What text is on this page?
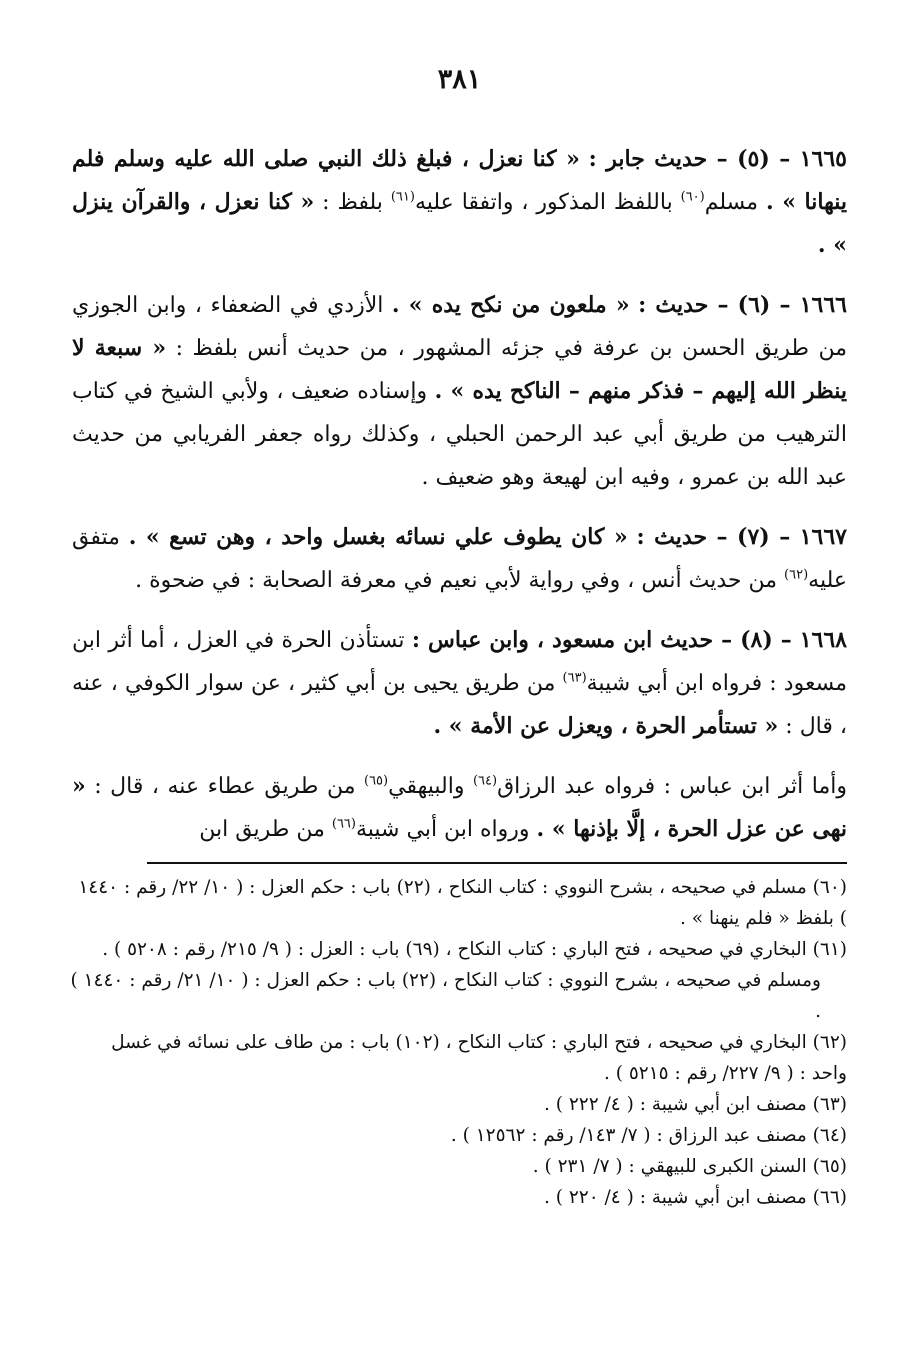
٣٨١

١٦٦٥ – (٥) – حديث جابر : « كنا نعزل ، فبلغ ذلك النبي صلى الله عليه وسلم فلم ينهانا » . مسلم$^{(٦٠)}$ باللفظ المذكور ، واتفقا عليه$^{(٦١)}$ بلفظ : « كنا نعزل ، والقرآن ينزل » .

١٦٦٦ – (٦) – حديث : « ملعون من نكح يده » . الأزدي في الضعفاء ، وابن الجوزي من طريق الحسن بن عرفة في جزئه المشهور ، من حديث أنس بلفظ : « سبعة لا ينظر الله إليهم – فذكر منهم – الناكح يده » . وإسناده ضعيف ، ولأبي الشيخ في كتاب الترهيب من طريق أبي عبد الرحمن الحبلي ، وكذلك رواه جعفر الفريابي من حديث عبد الله بن عمرو ، وفيه ابن لهيعة وهو ضعيف .

١٦٦٧ – (٧) – حديث : « كان يطوف علي نسائه بغسل واحد ، وهن تسع » . متفق عليه$^{(٦٢)}$ من حديث أنس ، وفي رواية لأبي نعيم في معرفة الصحابة : في ضحوة .

١٦٦٨ – (٨) – حديث ابن مسعود ، وابن عباس : تستأذن الحرة في العزل ، أما أثر ابن مسعود : فرواه ابن أبي شيبة$^{(٦٣)}$ من طريق يحيى بن أبي كثير ، عن سوار الكوفي ، عنه ، قال : « تستأمر الحرة ، ويعزل عن الأمة » .

وأما أثر ابن عباس : فرواه عبد الرزاق$^{(٦٤)}$ والبيهقي$^{(٦٥)}$ من طريق عطاء عنه ، قال : « نهى عن عزل الحرة ، إلَّا بإذنها » . ورواه ابن أبي شيبة$^{(٦٦)}$ من طريق ابن

(٦٠) مسلم في صحيحه ، بشرح النووي : كتاب النكاح ، (٢٢) باب : حكم العزل : ( ١٠/ ٢٢/ رقم : ١٤٤٠ ) بلفظ « فلم ينهنا » .

(٦١) البخاري في صحيحه ، فتح الباري : كتاب النكاح ، (٦٩) باب : العزل : ( ٩/ ٢١٥/ رقم : ٥٢٠٨ ) .

ومسلم في صحيحه ، بشرح النووي : كتاب النكاح ، (٢٢) باب : حكم العزل : ( ١٠/ ٢١/ رقم : ١٤٤٠ ) .

(٦٢) البخاري في صحيحه ، فتح الباري : كتاب النكاح ، (١٠٢) باب : من طاف على نسائه في غسل واحد : ( ٩/ ٢٢٧/ رقم : ٥٢١٥ ) .

(٦٣) مصنف ابن أبي شيبة : ( ٤/ ٢٢٢ ) .

(٦٤) مصنف عبد الرزاق : ( ٧/ ١٤٣/ رقم : ١٢٥٦٢ ) .

(٦٥) السنن الكبرى للبيهقي : ( ٧/ ٢٣١ ) .

(٦٦) مصنف ابن أبي شيبة : ( ٤/ ٢٢٠ ) .
